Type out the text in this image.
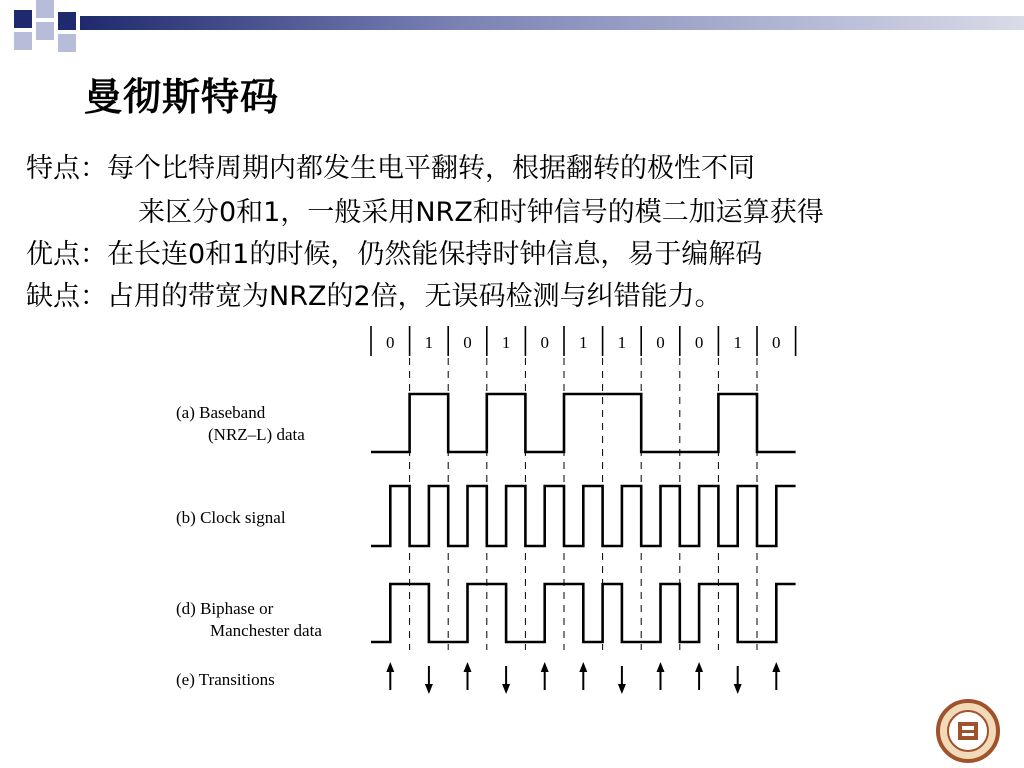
曼彻斯特码
特点：每个比特周期内都发生电平翻转，根据翻转的极性不同
来区分0和1，一般采用NRZ和时钟信号的模二加运算获得
优点：在长连0和1的时候，仍然能保持时钟信息，易于编解码
缺点：占用的带宽为NRZ的2倍，无误码检测与纠错能力。
0 1 0 1 0 1 1 0 0 1 0
(a) Baseband
(NRZ–L) data
(b) Clock signal
(d) Biphase or
Manchester data
(e) Transitions
